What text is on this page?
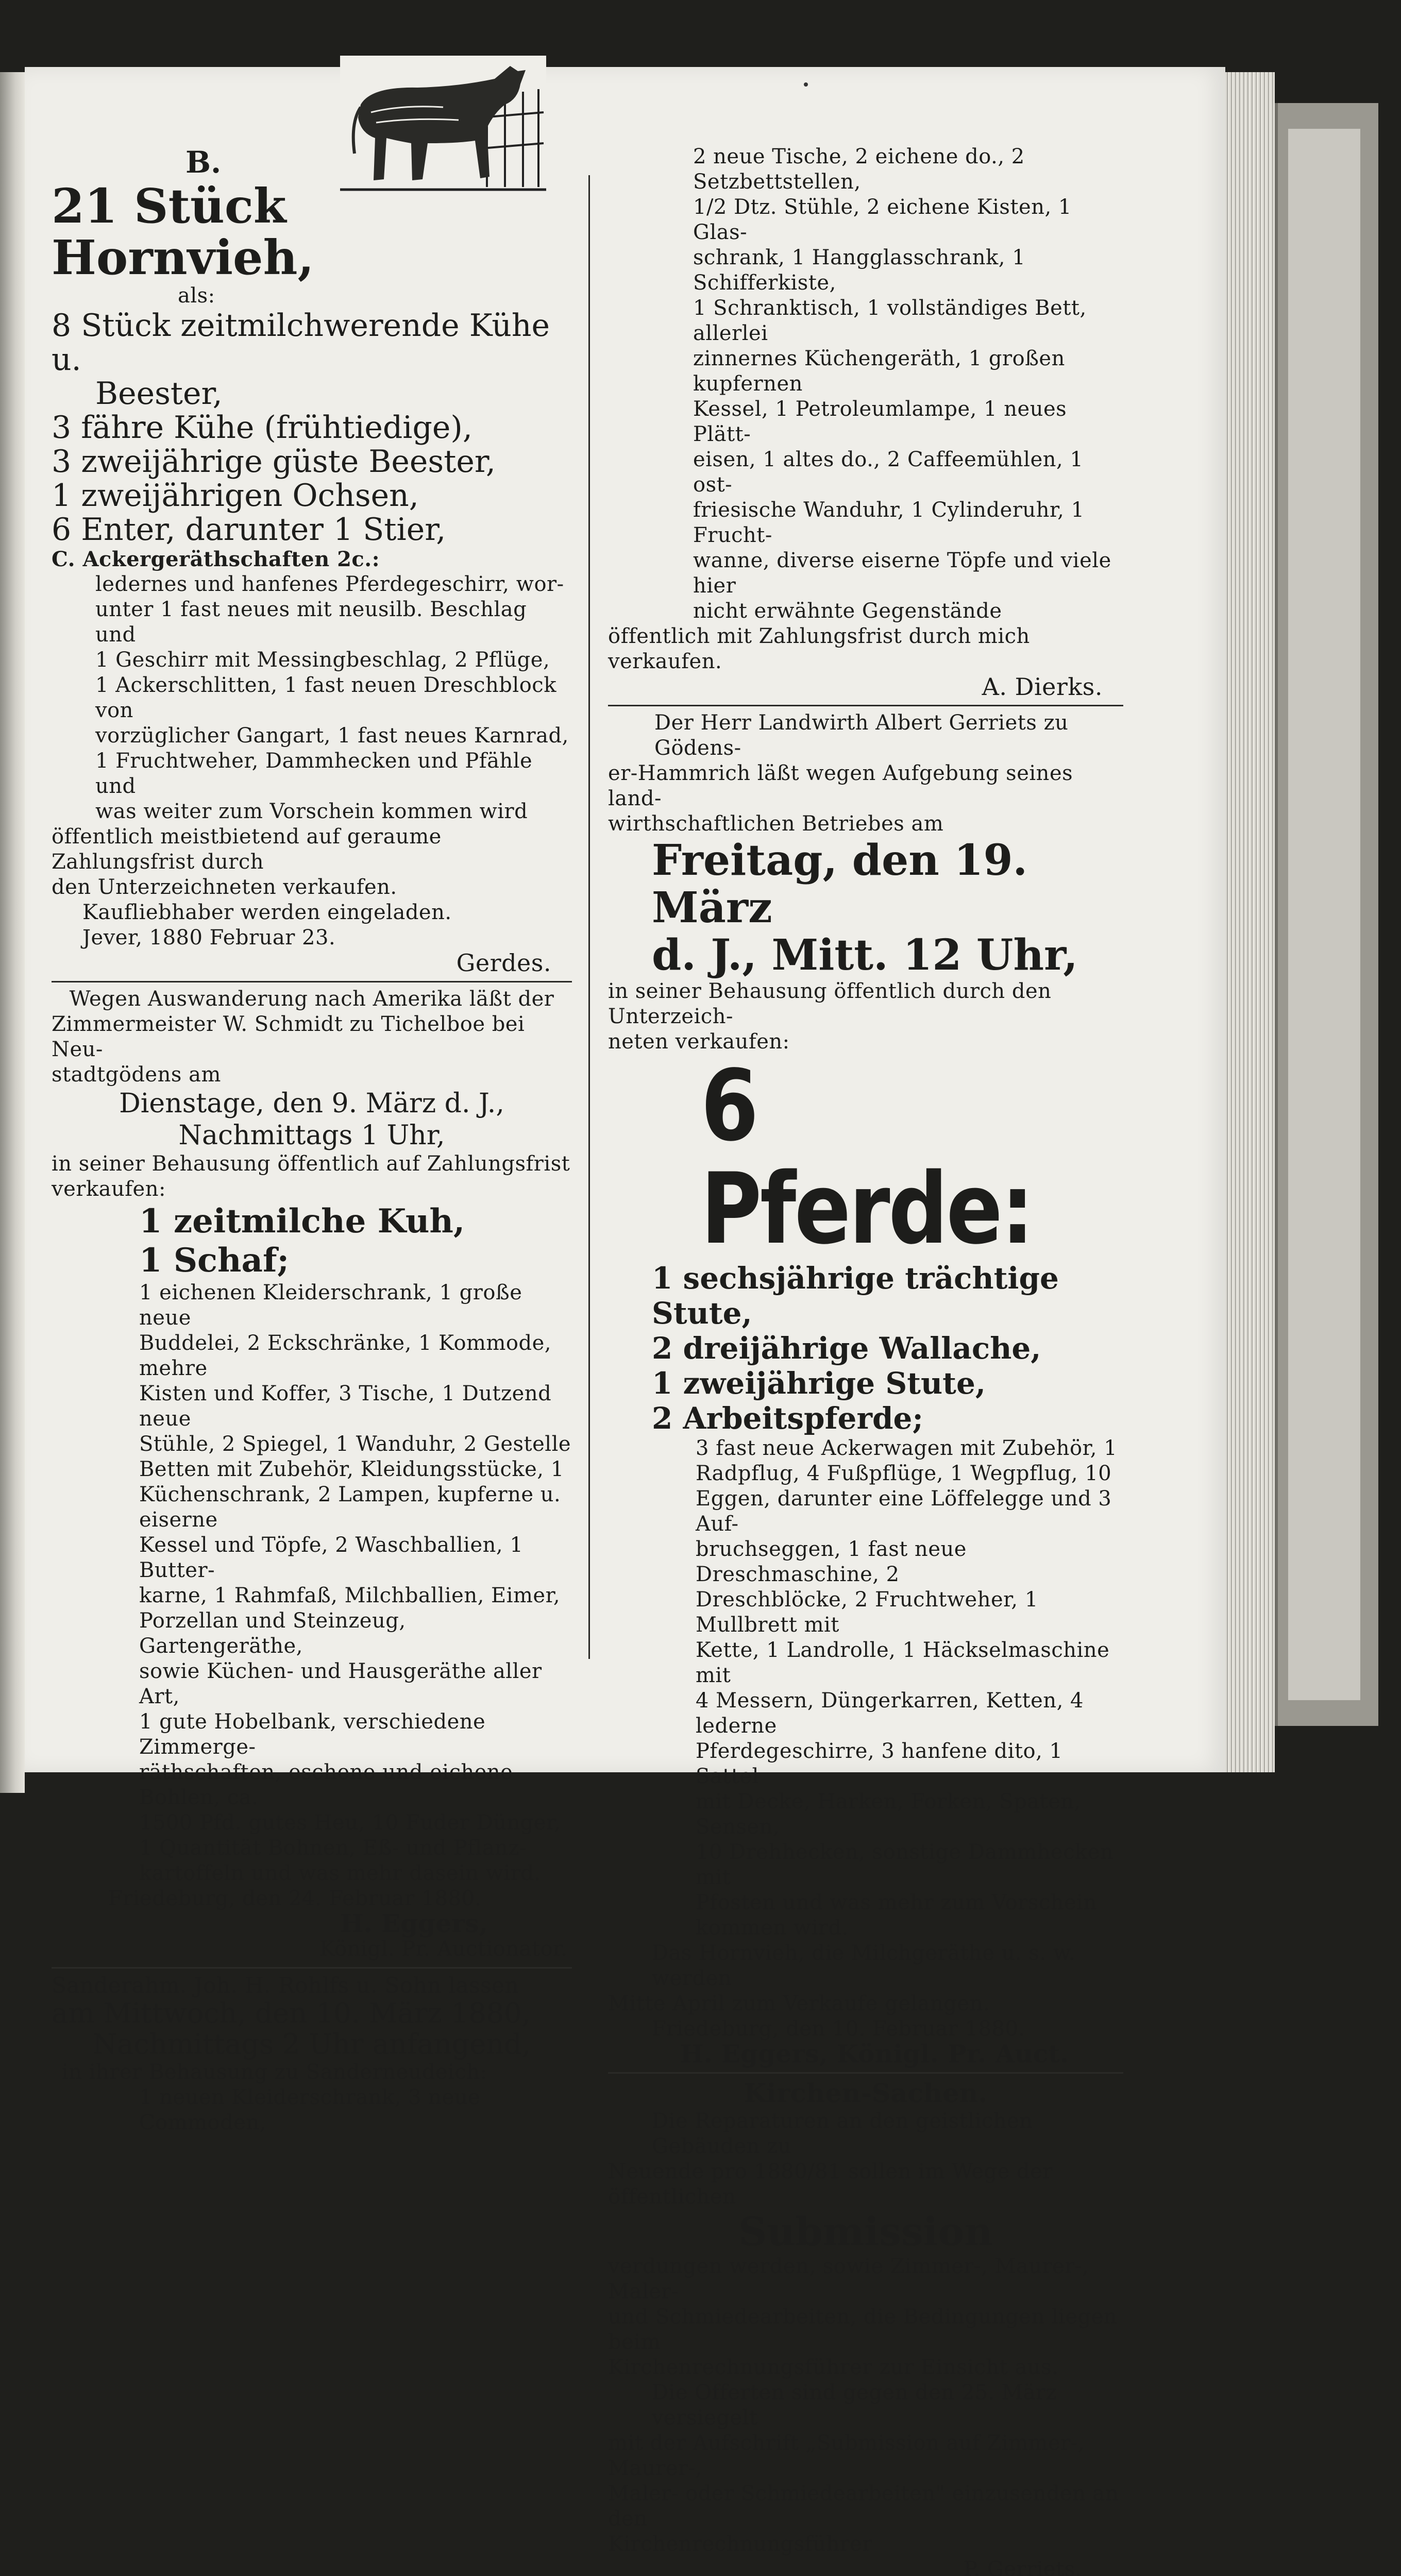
B.
21 Stück
Hornvieh,
als:
8 Stück zeitmilchwerende Kühe u.
Beester,
3 fähre Kühe (frühtiedige),
3 zweijährige güste Beester,
1 zweijährigen Ochsen,
6 Enter, darunter 1 Stier,
C. Ackergeräthschaften 2c.:
ledernes und hanfenes Pferdegeschirr, wor-
unter 1 fast neues mit neusilb. Beschlag und
1 Geschirr mit Messingbeschlag, 2 Pflüge,
1 Ackerschlitten, 1 fast neuen Dreschblock von
vorzüglicher Gangart, 1 fast neues Karnrad,
1 Fruchtweher, Dammhecken und Pfähle und
was weiter zum Vorschein kommen wird
öffentlich meistbietend auf geraume Zahlungsfrist durch
den Unterzeichneten verkaufen.
Kaufliebhaber werden eingeladen.
Jever, 1880 Februar 23.
Gerdes.
Wegen Auswanderung nach Amerika läßt der
Zimmermeister W. Schmidt zu Tichelboe bei Neu-
stadtgödens am
Dienstage, den 9. März d. J.,
Nachmittags 1 Uhr,
in seiner Behausung öffentlich auf Zahlungsfrist
verkaufen:
1 zeitmilche Kuh,
1 Schaf;
1 eichenen Kleiderschrank, 1 große neue
Buddelei, 2 Eckschränke, 1 Kommode, mehre
Kisten und Koffer, 3 Tische, 1 Dutzend neue
Stühle, 2 Spiegel, 1 Wanduhr, 2 Gestelle
Betten mit Zubehör, Kleidungsstücke, 1
Küchenschrank, 2 Lampen, kupferne u. eiserne
Kessel und Töpfe, 2 Waschballien, 1 Butter-
karne, 1 Rahmfaß, Milchballien, Eimer,
Porzellan und Steinzeug, Gartengeräthe,
sowie Küchen- und Hausgeräthe aller Art,
1 gute Hobelbank, verschiedene Zimmerge-
räthschaften, eschene und eichene Bohlen, ca.
1500 Pfd. gutes Heu, 10 Fuder Dünger,
1 Quantität Bohnen, Eß- und Pflanz-
kartoffeln und was mehr dasein wird.
Friedeburg, den 24. Februar 1880.
H. Eggers,
Königl. Pr. Auctionator.
Sanderahm. Joh. H. Rohlfs u. Sohn lassen
am Mittwoch, den 10. März 1880,
Nachmittags 2 Uhr anfangend,
in ihrer Behausung zu Sanderneudeich:
1 neuen Kleiderschrank, 3 neue Commoden,
2 neue Tische, 2 eichene do., 2 Setzbettstellen,
1/2 Dtz. Stühle, 2 eichene Kisten, 1 Glas-
schrank, 1 Hangglasschrank, 1 Schifferkiste,
1 Schranktisch, 1 vollständiges Bett, allerlei
zinnernes Küchengeräth, 1 großen kupfernen
Kessel, 1 Petroleumlampe, 1 neues Plätt-
eisen, 1 altes do., 2 Caffeemühlen, 1 ost-
friesische Wanduhr, 1 Cylinderuhr, 1 Frucht-
wanne, diverse eiserne Töpfe und viele hier
nicht erwähnte Gegenstände
öffentlich mit Zahlungsfrist durch mich verkaufen.
A. Dierks.
Der Herr Landwirth Albert Gerriets zu Gödens-
er-Hammrich läßt wegen Aufgebung seines land-
wirthschaftlichen Betriebes am
Freitag, den 19. März
d. J., Mitt. 12 Uhr,
in seiner Behausung öffentlich durch den Unterzeich-
neten verkaufen:
6 Pferde:
1 sechsjährige trächtige Stute,
2 dreijährige Wallache,
1 zweijährige Stute,
2 Arbeitspferde;
3 fast neue Ackerwagen mit Zubehör, 1
Radpflug, 4 Fußpflüge, 1 Wegpflug, 10
Eggen, darunter eine Löffelegge und 3 Auf-
bruchseggen, 1 fast neue Dreschmaschine, 2
Dreschblöcke, 2 Fruchtweher, 1 Mullbrett mit
Kette, 1 Landrolle, 1 Häckselmaschine mit
4 Messern, Düngerkarren, Ketten, 4 lederne
Pferdegeschirre, 3 hanfene dito, 1 Sattel
mit Decke, Harken, Forken, Spaten, Sensen,
10 Drehhecken, sonstige Dammhecken mit
Pfosten und was mehr zum Vorschein
kommen wird.
Das Hornvieh, die Milchgeräthe u. s. w. werden
Mitte April zum Verkaufe gelangen.
Friedeburg, den 10. Februar 1880.
H. Eggers, Königl. Pr. Auct.
Kirchen-Sachen.
Die Reparaturen an den geistlichen Gebäuden zu
Neuende pro 1880/81 sollen im Wege der öffentlichen
Submission
verdungen werden, sowie Zimmer-, Maurer-, Maler-
und Schmiedearbeiten, die Bedingungen liegen beim
Kirchenrechnungsführer zur Einsicht aus.
Die Offerten sind gegen den 25. März versiegelt
mit der Aufschrift „Submission auf Zimmer-, Maurer-,
Maler- oder Schmiedearbeiten" einzusenden an den
Kirchenrechnungsführer
P. Gerriets.
